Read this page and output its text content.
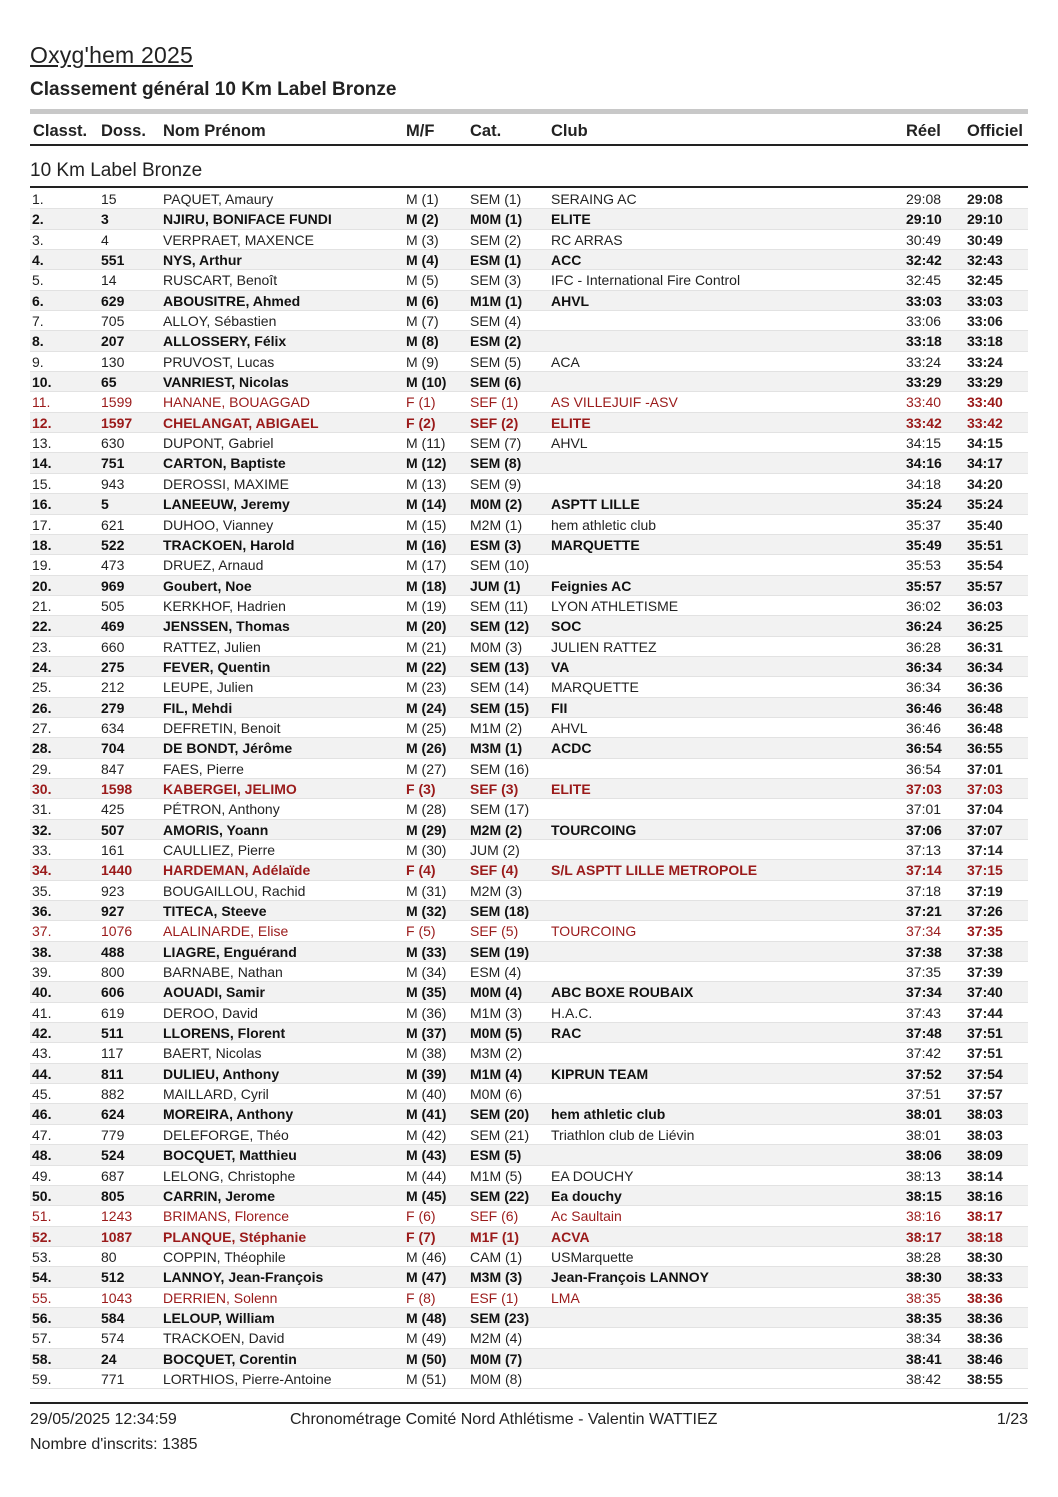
Oxyg'hem 2025
Classement général 10 Km Label Bronze
Classt. Doss. Nom Prénom	M/F Cat.	Club	Réel Officiel
10 Km Label Bronze
1.	15	PAQUET, Amaury	M (1) SEM (1) SERAING AC	29:08 29:08
2.	3	NJIRU, BONIFACE FUNDI	M (2) M0M (1) ELITE	29:10 29:10
3.	4	VERPRAET, MAXENCE	M (3) SEM (2) RC ARRAS	30:49 30:49
4.	551	NYS, Arthur	M (4) ESM (1) ACC	32:42 32:43
5.	14	RUSCART, Benoît	M (5) SEM (3) IFC - International Fire Control	32:45 32:45
6.	629	ABOUSITRE, Ahmed	M (6) M1M (1) AHVL	33:03 33:03
7.	705	ALLOY, Sébastien	M (7) SEM (4)	33:06 33:06
8.	207	ALLOSSERY, Félix	M (8) ESM (2)	33:18 33:18
9.	130	PRUVOST, Lucas	M (9) SEM (5) ACA	33:24 33:24
10.	65	VANRIEST, Nicolas	M (10) SEM (6)	33:29 33:29
11.	1599 HANANE, BOUAGGAD	F (1) SEF (1) AS VILLEJUIF -ASV	33:40 33:40
12.	1597 CHELANGAT, ABIGAEL	F (2) SEF (2) ELITE	33:42 33:42
13.	630	DUPONT, Gabriel	M (11) SEM (7) AHVL	34:15 34:15
14.	751	CARTON, Baptiste	M (12) SEM (8)	34:16 34:17
15.	943	DEROSSI, MAXIME	M (13) SEM (9)	34:18 34:20
16.	5	LANEEUW, Jeremy	M (14) M0M (2) ASPTT LILLE	35:24 35:24
17.	621	DUHOO, Vianney	M (15) M2M (1) hem athletic club	35:37 35:40
18.	522	TRACKOEN, Harold	M (16) ESM (3) MARQUETTE	35:49 35:51
19.	473	DRUEZ, Arnaud	M (17) SEM (10)	35:53 35:54
20.	969	Goubert, Noe	M (18) JUM (1) Feignies AC	35:57 35:57
21.	505	KERKHOF, Hadrien	M (19) SEM (11) LYON ATHLETISME	36:02 36:03
22.	469	JENSSEN, Thomas	M (20) SEM (12) SOC	36:24 36:25
23.	660	RATTEZ, Julien	M (21) M0M (3) JULIEN RATTEZ	36:28 36:31
24.	275	FEVER, Quentin	M (22) SEM (13) VA	36:34 36:34
25.	212	LEUPE, Julien	M (23) SEM (14) MARQUETTE	36:34 36:36
26.	279	FIL, Mehdi	M (24) SEM (15) FII	36:46 36:48
27.	634	DEFRETIN, Benoit	M (25) M1M (2) AHVL	36:46 36:48
28.	704	DE BONDT, Jérôme	M (26) M3M (1) ACDC	36:54 36:55
29.	847	FAES, Pierre	M (27) SEM (16)	36:54 37:01
30.	1598 KABERGEI, JELIMO	F (3) SEF (3) ELITE	37:03 37:03
31.	425	PÉTRON, Anthony	M (28) SEM (17)	37:01 37:04
32.	507	AMORIS, Yoann	M (29) M2M (2) TOURCOING	37:06 37:07
33.	161	CAULLIEZ, Pierre	M (30) JUM (2)	37:13 37:14
34.	1440 HARDEMAN, Adélaïde	F (4) SEF (4) S/L ASPTT LILLE METROPOLE	37:14 37:15
35.	923	BOUGAILLOU, Rachid	M (31) M2M (3)	37:18 37:19
36.	927	TITECA, Steeve	M (32) SEM (18)	37:21 37:26
37.	1076 ALALINARDE, Elise	F (5) SEF (5) TOURCOING	37:34 37:35
38.	488	LIAGRE, Enguérand	M (33) SEM (19)	37:38 37:38
39.	800	BARNABE, Nathan	M (34) ESM (4)	37:35 37:39
40.	606	AOUADI, Samir	M (35) M0M (4) ABC BOXE ROUBAIX	37:34 37:40
41.	619	DEROO, David	M (36) M1M (3) H.A.C.	37:43 37:44
42.	511	LLORENS, Florent	M (37) M0M (5) RAC	37:48 37:51
43.	117	BAERT, Nicolas	M (38) M3M (2)	37:42 37:51
44.	811	DULIEU, Anthony	M (39) M1M (4) KIPRUN TEAM	37:52 37:54
45.	882	MAILLARD, Cyril	M (40) M0M (6)	37:51 37:57
46.	624	MOREIRA, Anthony	M (41) SEM (20) hem athletic club	38:01 38:03
47.	779	DELEFORGE, Théo	M (42) SEM (21) Triathlon club de Liévin	38:01 38:03
48.	524	BOCQUET, Matthieu	M (43) ESM (5)	38:06 38:09
49.	687	LELONG, Christophe	M (44) M1M (5) EA DOUCHY	38:13 38:14
50.	805	CARRIN, Jerome	M (45) SEM (22) Ea douchy	38:15 38:16
51.	1243 BRIMANS, Florence	F (6) SEF (6) Ac Saultain	38:16 38:17
52.	1087 PLANQUE, Stéphanie	F (7) M1F (1) ACVA	38:17 38:18
53.	80	COPPIN, Théophile	M (46) CAM (1) USMarquette	38:28 38:30
54.	512	LANNOY, Jean-François	M (47) M3M (3) Jean-François LANNOY	38:30 38:33
55.	1043 DERRIEN, Solenn	F (8) ESF (1) LMA	38:35 38:36
56.	584	LELOUP, William	M (48) SEM (23)	38:35 38:36
57.	574	TRACKOEN, David	M (49) M2M (4)	38:34 38:36
58.	24	BOCQUET, Corentin	M (50) M0M (7)	38:41 38:46
59.	771	LORTHIOS, Pierre-Antoine	M (51) M0M (8)	38:42 38:55
29/05/2025 12:34:59	Chronométrage Comité Nord Athlétisme - Valentin WATTIEZ	1/23
Nombre d'inscrits: 1385
